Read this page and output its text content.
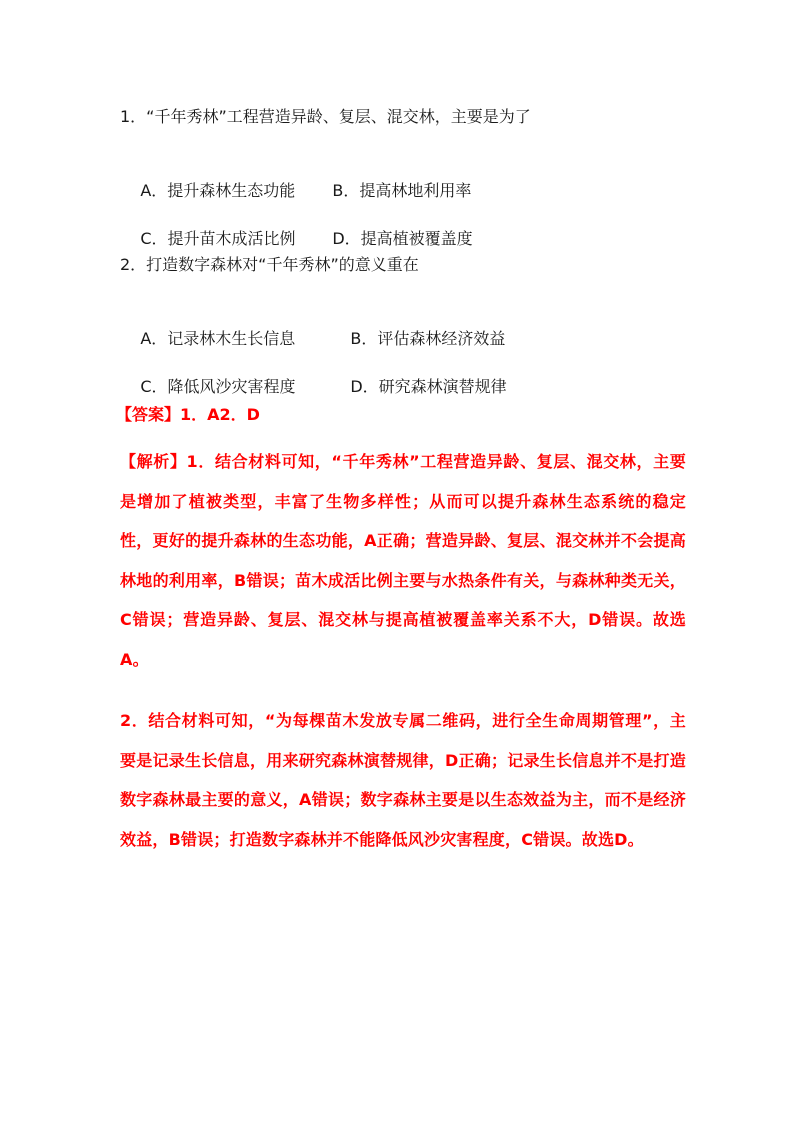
1．“千年秀林”工程营造异龄、复层、混交林，主要是为了

A．提升森林生态功能 B．提高林地利用率

C．提升苗木成活比例 D．提高植被覆盖度

2．打造数字森林对“千年秀林”的意义重在

A．记录林木生长信息	B．评估森林经济效益

C．降低风沙灾害程度	D．研究森林演替规律

【答案】1．A2．D
【解析】1．结合材料可知，“千年秀林”工程营造异龄、复层、混交林，主要是增加了植被类型，丰富了生物多样性；从而可以提升森林生态系统的稳定性，更好的提升森林的生态功能，A正确；营造异龄、复层、混交林并不会提高林地的利用率，B错误；苗木成活比例主要与水热条件有关，与森林种类无关，C错误；营造异龄、复层、混交林与提高植被覆盖率关系不大，D错误。故选A。
2．结合材料可知，“为每棵苗木发放专属二维码，进行全生命周期管理”，主要是记录生长信息，用来研究森林演替规律，D正确；记录生长信息并不是打造数字森林最主要的意义，A错误；数字森林主要是以生态效益为主，而不是经济效益，B错误；打造数字森林并不能降低风沙灾害程度，C错误。故选D。
